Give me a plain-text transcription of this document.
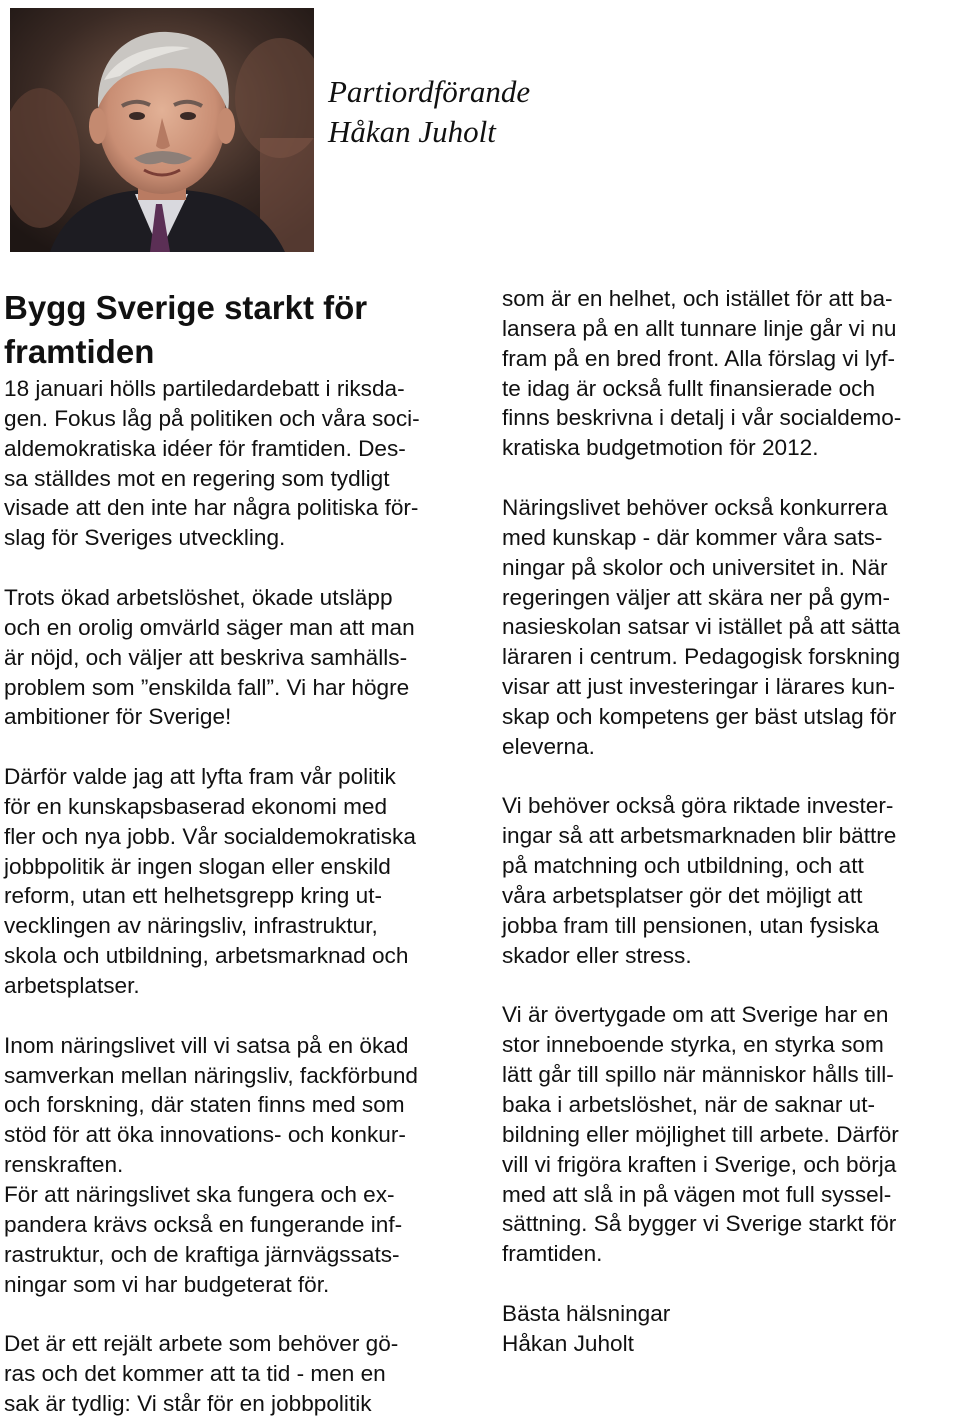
Partiordförande
Håkan Juholt
Bygg Sverige starkt för
framtiden
18 januari hölls partiledardebatt i riksda-
gen. Fokus låg på politiken och våra soci-
aldemokratiska idéer för framtiden. Des-
sa ställdes mot en regering som tydligt
visade att den inte har några politiska för-
slag för Sveriges utveckling.
Trots ökad arbetslöshet, ökade utsläpp
och en orolig omvärld säger man att man
är nöjd, och väljer att beskriva samhälls-
problem som ”enskilda fall”. Vi har högre
ambitioner för Sverige!
Därför valde jag att lyfta fram vår politik
för en kunskapsbaserad ekonomi med
fler och nya jobb. Vår socialdemokratiska
jobbpolitik är ingen slogan eller enskild
reform, utan ett helhetsgrepp kring ut-
vecklingen av näringsliv, infrastruktur,
skola och utbildning, arbetsmarknad och
arbetsplatser.
Inom näringslivet vill vi satsa på en ökad
samverkan mellan näringsliv, fackförbund
och forskning, där staten finns med som
stöd för att öka innovations- och konkur-
renskraften.
För att näringslivet ska fungera och ex-
pandera krävs också en fungerande inf-
rastruktur, och de kraftiga järnvägssats-
ningar som vi har budgeterat för.
Det är ett rejält arbete som behöver gö-
ras och det kommer att ta tid - men en
sak är tydlig: Vi står för en jobbpolitik
som är en helhet, och istället för att ba-
lansera på en allt tunnare linje går vi nu
fram på en bred front. Alla förslag vi lyf-
te idag är också fullt finansierade och
finns beskrivna i detalj i vår socialdemo-
kratiska budgetmotion för 2012.
Näringslivet behöver också konkurrera
med kunskap - där kommer våra sats-
ningar på skolor och universitet in. När
regeringen väljer att skära ner på gym-
nasieskolan satsar vi istället på att sätta
läraren i centrum. Pedagogisk forskning
visar att just investeringar i lärares kun-
skap och kompetens ger bäst utslag för
eleverna.
Vi behöver också göra riktade invester-
ingar så att arbetsmarknaden blir bättre
på matchning och utbildning, och att
våra arbetsplatser gör det möjligt att
jobba fram till pensionen, utan fysiska
skador eller stress.
Vi är övertygade om att Sverige har en
stor inneboende styrka, en styrka som
lätt går till spillo när människor hålls till-
baka i arbetslöshet, när de saknar ut-
bildning eller möjlighet till arbete. Därför
vill vi frigöra kraften i Sverige, och börja
med att slå in på vägen mot full syssel-
sättning. Så bygger vi Sverige starkt för
framtiden.
Bästa hälsningar
Håkan Juholt
